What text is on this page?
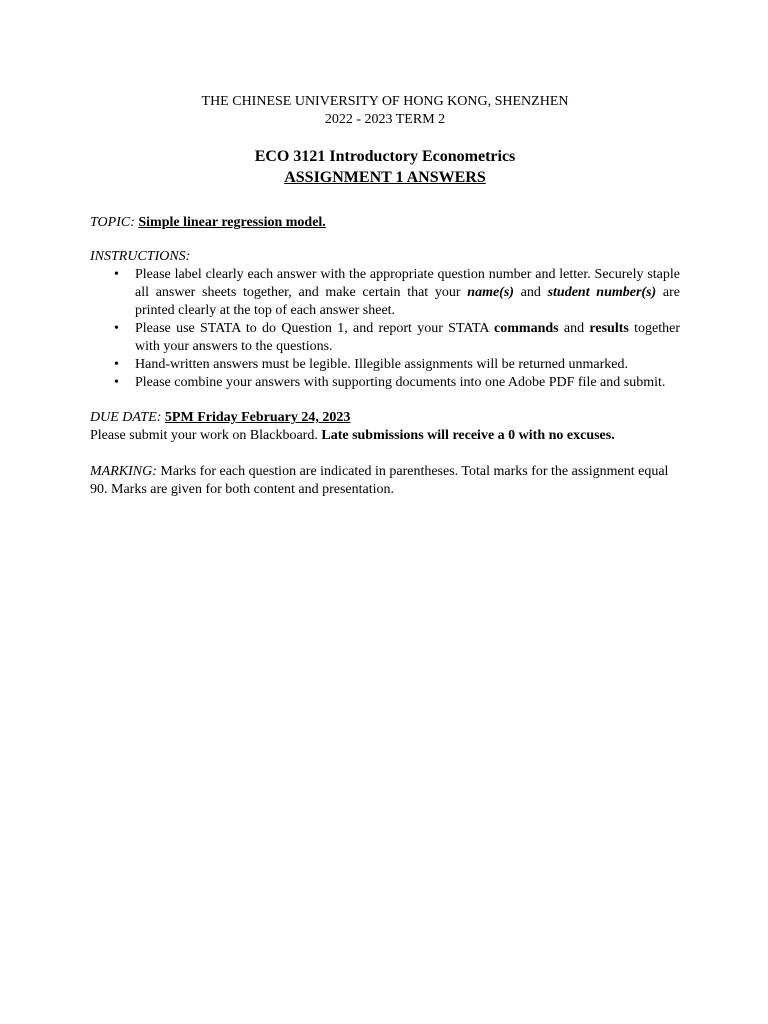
THE CHINESE UNIVERSITY OF HONG KONG, SHENZHEN
2022 - 2023 TERM 2
ECO 3121 Introductory Econometrics
ASSIGNMENT 1 ANSWERS
TOPIC: Simple linear regression model.
INSTRUCTIONS:
• Please label clearly each answer with the appropriate question number and letter. Securely staple all answer sheets together, and make certain that your name(s) and student number(s) are printed clearly at the top of each answer sheet.
• Please use STATA to do Question 1, and report your STATA commands and results together with your answers to the questions.
• Hand-written answers must be legible. Illegible assignments will be returned unmarked.
• Please combine your answers with supporting documents into one Adobe PDF file and submit.
DUE DATE: 5PM Friday February 24, 2023
Please submit your work on Blackboard. Late submissions will receive a 0 with no excuses.
MARKING: Marks for each question are indicated in parentheses. Total marks for the assignment equal 90. Marks are given for both content and presentation.
